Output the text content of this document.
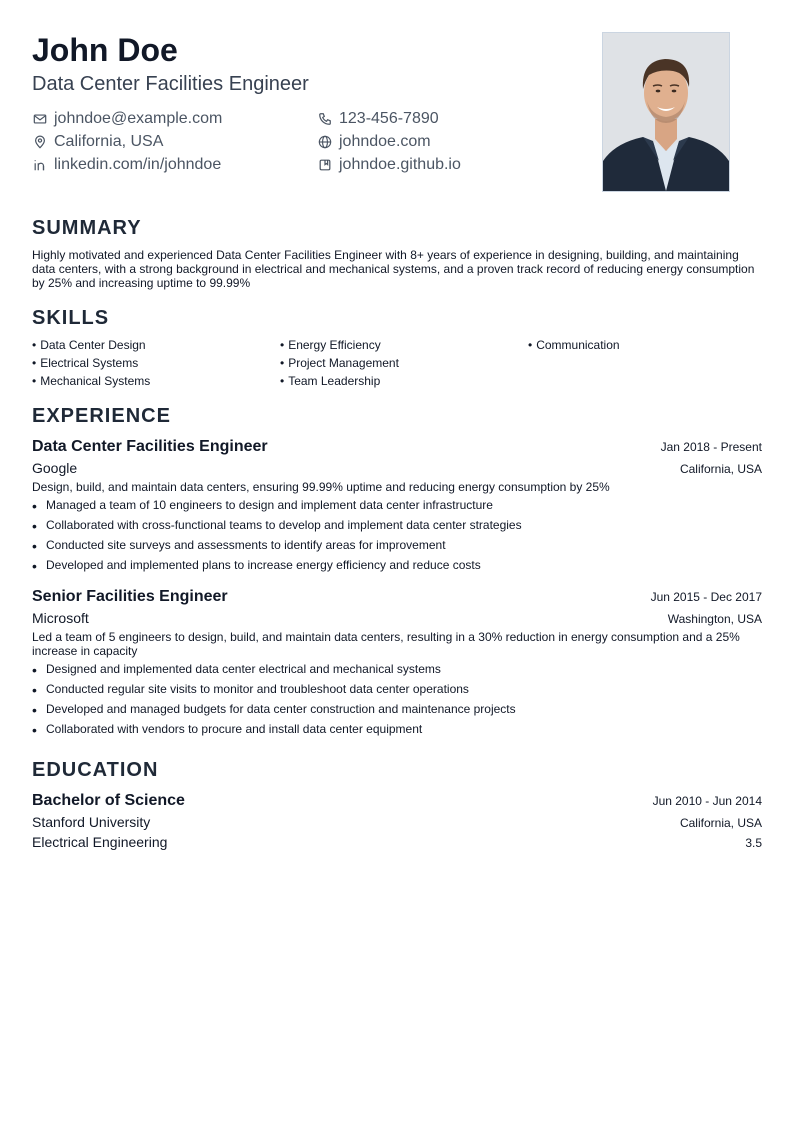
John Doe
Data Center Facilities Engineer
johndoe@example.com	123-456-7890
California, USA	johndoe.com
linkedin.com/in/johndoe	johndoe.github.io
SUMMARY

Highly motivated and experienced Data Center Facilities Engineer with 8+ years of experience in designing, building, and maintaining data centers, with a strong background in electrical and mechanical systems, and a proven track record of reducing energy consumption by 25% and increasing uptime to 99.99%

SKILLS
• Data Center Design	• Energy Efficiency	• Communication
• Electrical Systems	• Project Management
• Mechanical Systems	• Team Leadership
EXPERIENCE
Data Center Facilities Engineer	Jan 2018 - Present
Google	California, USA
Design, build, and maintain data centers, ensuring 99.99% uptime and reducing energy consumption by 25%
• Managed a team of 10 engineers to design and implement data center infrastructure
• Collaborated with cross-functional teams to develop and implement data center strategies
• Conducted site surveys and assessments to identify areas for improvement
• Developed and implemented plans to increase energy efficiency and reduce costs
Senior Facilities Engineer	Jun 2015 - Dec 2017
Microsoft	Washington, USA
Led a team of 5 engineers to design, build, and maintain data centers, resulting in a 30% reduction in energy consumption and a 25% increase in capacity
• Designed and implemented data center electrical and mechanical systems
• Conducted regular site visits to monitor and troubleshoot data center operations
• Developed and managed budgets for data center construction and maintenance projects
• Collaborated with vendors to procure and install data center equipment
EDUCATION
Bachelor of Science	Jun 2010 - Jun 2014
Stanford University	California, USA
Electrical Engineering	3.5
